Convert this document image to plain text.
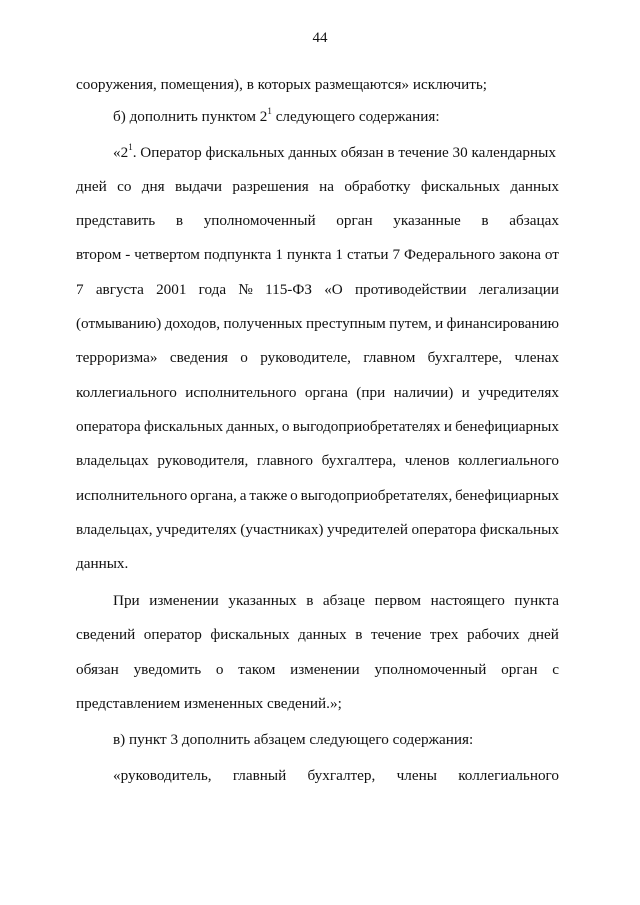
44
сооружения, помещения), в которых размещаются» исключить;
б) дополнить пунктом $2^1$ следующего содержания:
«$2^1$. Оператор фискальных данных обязан в течение 30 календарных
дней со дня выдачи разрешения на обработку фискальных данных
представить в уполномоченный орган указанные в абзацах
втором - четвертом подпункта 1 пункта 1 статьи 7 Федерального закона от
7 августа 2001 года № 115-ФЗ «О противодействии легализации
(отмыванию) доходов, полученных преступным путем, и финансированию
терроризма» сведения о руководителе, главном бухгалтере, членах
коллегиального исполнительного органа (при наличии) и учредителях
оператора фискальных данных, о выгодоприобретателях и бенефициарных
владельцах руководителя, главного бухгалтера, членов коллегиального
исполнительного органа, а также о выгодоприобретателях, бенефициарных
владельцах, учредителях (участниках) учредителей оператора фискальных
данных.
При изменении указанных в абзаце первом настоящего пункта
сведений оператор фискальных данных в течение трех рабочих дней
обязан уведомить о таком изменении уполномоченный орган с
представлением измененных сведений.»;
в) пункт 3 дополнить абзацем следующего содержания:
«руководитель, главный бухгалтер, члены коллегиального
